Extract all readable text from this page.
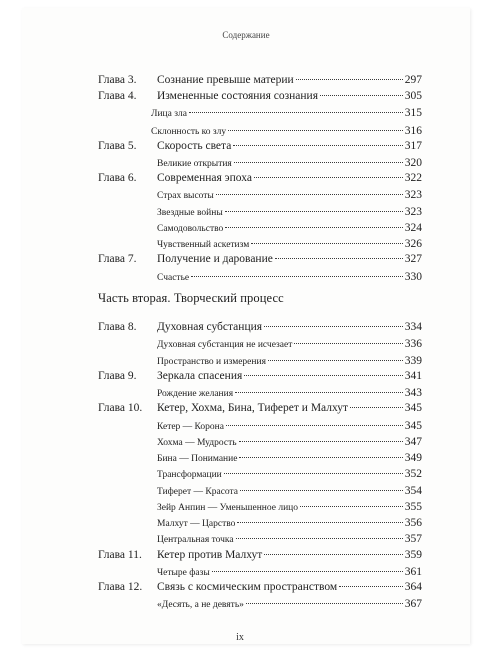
Содержание
Глава 3.	Сознание превыше материи	297
Глава 4.	Измененные состояния сознания	305
Лица зла	315
Склонность ко злу	316
Глава 5.	Скорость света	317
Великие открытия	320
Глава 6.	Современная эпоха	322
Страх высоты	323
Звездные войны	323
Самодовольство	324
Чувственный аскетизм	326
Глава 7.	Получение и дарование	327
Счастье	330
Часть вторая. Творческий процесс
Глава 8.	Духовная субстанция	334
Духовная субстанция не исчезает	336
Пространство и измерения	339
Глава 9.	Зеркала спасения	341
Рождение желания	343
Глава 10.	Кетер, Хохма, Бина, Тиферет и Малхут	345
Кетер — Корона	345
Хохма — Мудрость	347
Бина — Понимание	349
Трансформации	352
Тиферет — Красота	354
Зейр Анпин — Уменьшенное лицо	355
Малхут — Царство	356
Центральная точка	357
Глава 11.	Кетер против Малхут	359
Четыре фазы	361
Глава 12.	Связь с космическим пространством	364
«Десять, а не девять»	367
ix
